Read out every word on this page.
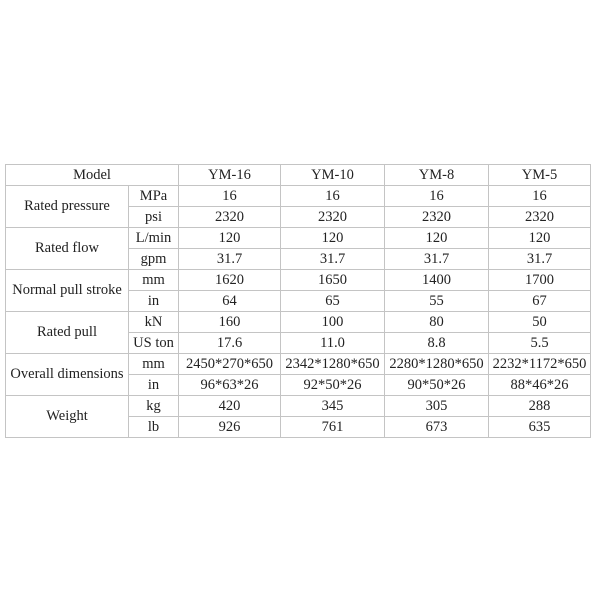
Model		YM-16	YM-10	YM-8	YM-5
Rated pressure	MPa	16	16	16	16
	psi	2320	2320	2320	2320
Rated flow	L/min	120	120	120	120
	gpm	31.7	31.7	31.7	31.7
Normal pull stroke	mm	1620	1650	1400	1700
	in	64	65	55	67
Rated pull	kN	160	100	80	50
	US ton	17.6	11.0	8.8	5.5
Overall dimensions	mm	2450*270*650	2342*1280*650	2280*1280*650	2232*1172*650
	in	96*63*26	92*50*26	90*50*26	88*46*26
Weight	kg	420	345	305	288
	lb	926	761	673	635
